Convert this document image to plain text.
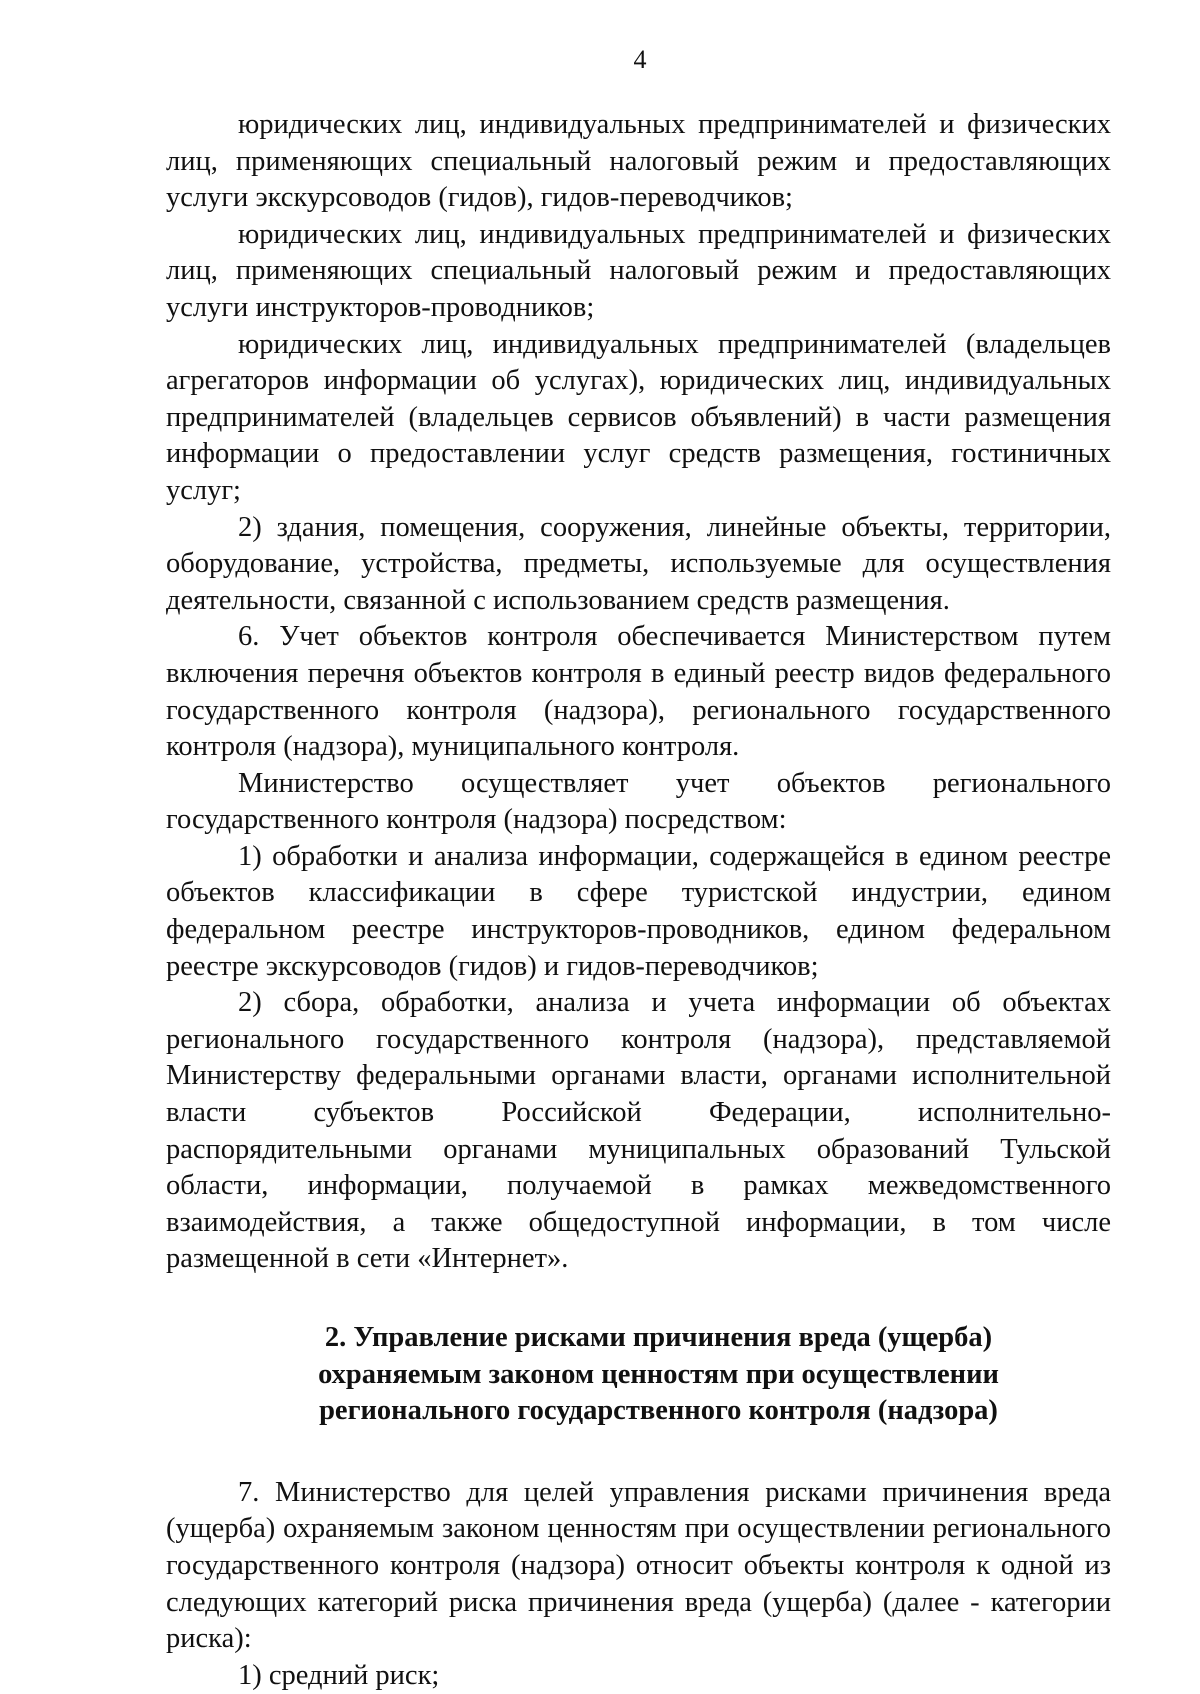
4

юридических лиц, индивидуальных предпринимателей и физических лиц, применяющих специальный налоговый режим и предоставляющих услуги экскурсоводов (гидов), гидов-переводчиков;

юридических лиц, индивидуальных предпринимателей и физических лиц, применяющих специальный налоговый режим и предоставляющих услуги инструкторов-проводников;

юридических лиц, индивидуальных предпринимателей (владельцев агрегаторов информации об услугах), юридических лиц, индивидуальных предпринимателей (владельцев сервисов объявлений) в части размещения информации о предоставлении услуг средств размещения, гостиничных услуг;

2) здания, помещения, сооружения, линейные объекты, территории, оборудование, устройства, предметы, используемые для осуществления деятельности, связанной с использованием средств размещения.

6. Учет объектов контроля обеспечивается Министерством путем включения перечня объектов контроля в единый реестр видов федерального государственного контроля (надзора), регионального государственного контроля (надзора), муниципального контроля.

Министерство осуществляет учет объектов регионального государственного контроля (надзора) посредством:

1) обработки и анализа информации, содержащейся в едином реестре объектов классификации в сфере туристской индустрии, едином федеральном реестре инструкторов-проводников, едином федеральном реестре экскурсоводов (гидов) и гидов-переводчиков;

2) сбора, обработки, анализа и учета информации об объектах регионального государственного контроля (надзора), представляемой Министерству федеральными органами власти, органами исполнительной власти субъектов Российской Федерации, исполнительно-распорядительными органами муниципальных образований Тульской области, информации, получаемой в рамках межведомственного взаимодействия, а также общедоступной информации, в том числе размещенной в сети «Интернет».

2. Управление рисками причинения вреда (ущерба)
охраняемым законом ценностям при осуществлении
регионального государственного контроля (надзора)

7. Министерство для целей управления рисками причинения вреда (ущерба) охраняемым законом ценностям при осуществлении регионального государственного контроля (надзора) относит объекты контроля к одной из следующих категорий риска причинения вреда (ущерба) (далее - категории риска):

1) средний риск;
